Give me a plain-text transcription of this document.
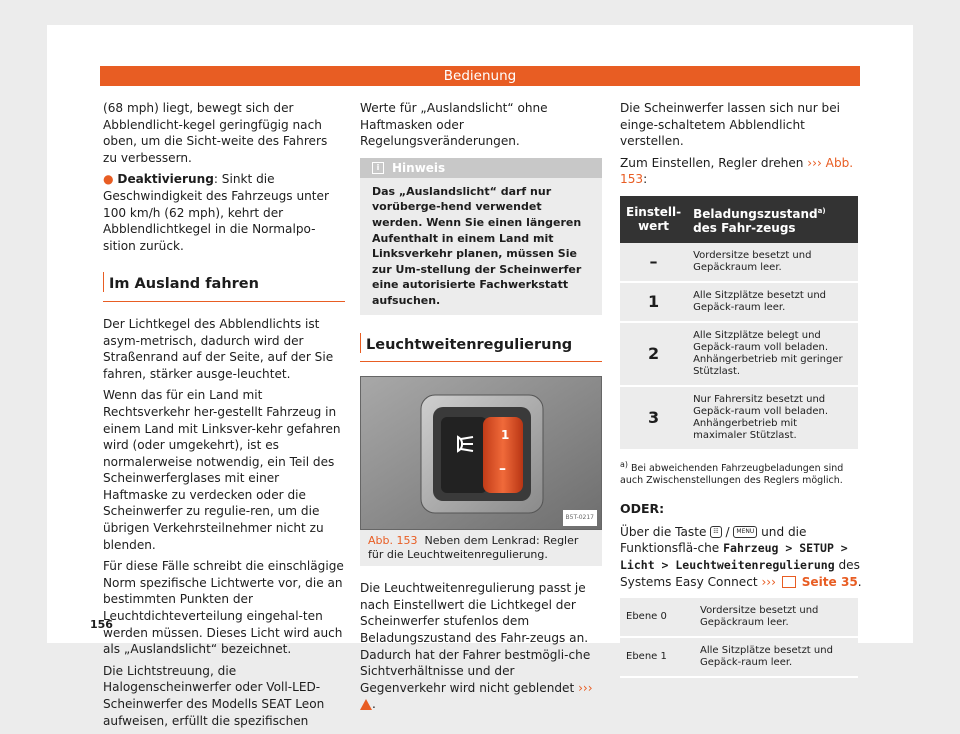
Bedienung

(68 mph) liegt, bewegt sich der Abblendlicht-kegel geringfügig nach oben, um die Sicht-weite des Fahrers zu verbessern.

● Deaktivierung: Sinkt die Geschwindigkeit des Fahrzeugs unter 100 km/h (62 mph), kehrt der Abblendlichtkegel in die Normalpo-sition zurück.

Im Ausland fahren

Der Lichtkegel des Abblendlichts ist asym-metrisch, dadurch wird der Straßenrand auf der Seite, auf der Sie fahren, stärker ausge-leuchtet.

Wenn das für ein Land mit Rechtsverkehr her-gestellt Fahrzeug in einem Land mit Linksver-kehr gefahren wird (oder umgekehrt), ist es normalerweise notwendig, ein Teil des Scheinwerferglases mit einer Haftmaske zu verdecken oder die Scheinwerfer zu regulie-ren, um die übrigen Verkehrsteilnehmer nicht zu blenden.

Für diese Fälle schreibt die einschlägige Norm spezifische Lichtwerte vor, die an bestimmten Punkten der Leuchtdichteverteilung eingehal-ten werden müssen. Dieses Licht wird auch als „Auslandslicht“ bezeichnet.

Die Lichtstreuung, die Halogenscheinwerfer oder Voll-LED-Scheinwerfer des Modells SEAT Leon aufweisen, erfüllt die spezifischen

Werte für „Auslandslicht“ ohne Haftmasken oder Regelungsveränderungen.

i Hinweis
Das „Auslandslicht“ darf nur vorüberge-hend verwendet werden. Wenn Sie einen längeren Aufenthalt in einem Land mit Linksverkehr planen, müssen Sie zur Um-stellung der Scheinwerfer eine autorisierte Fachwerkstatt aufsuchen.
Leuchtweitenregulierung
1
–
B5T-0217
Abb. 153 Neben dem Lenkrad: Regler für die Leuchtweitenregulierung.

Die Leuchtweitenregulierung passt je nach Einstellwert die Lichtkegel der Scheinwerfer stufenlos dem Beladungszustand des Fahr-zeugs an. Dadurch hat der Fahrer bestmögli-che Sichtverhältnisse und der Gegenverkehr wird nicht geblendet ››› .

Die Scheinwerfer lassen sich nur bei einge-schaltetem Abblendlicht verstellen.

Zum Einstellen, Regler drehen ››› Abb. 153:

Einstell-wert	Beladungszustand$^{a)}$ des Fahr-zeugs
–	Vordersitze besetzt und Gepäckraum leer.
1	Alle Sitzplätze besetzt und Gepäck-raum leer.
2	Alle Sitzplätze belegt und Gepäck-raum voll beladen. Anhängerbetrieb mit geringer Stützlast.
3	Nur Fahrersitz besetzt und Gepäck-raum voll beladen. Anhängerbetrieb mit maximaler Stützlast.
$^{a)}$ Bei abweichenden Fahrzeugbeladungen sind auch Zwischenstellungen des Reglers möglich.
ODER:

Über die Taste ☷ / MENU und die Funktionsflä-che Fahrzeug > SETUP > Licht > Leuchtweitenregulierung des Systems Easy Connect ››› Seite 35.

Ebene 0	Vordersitze besetzt und Gepäckraum leer.
Ebene 1	Alle Sitzplätze besetzt und Gepäck-raum leer.
156
